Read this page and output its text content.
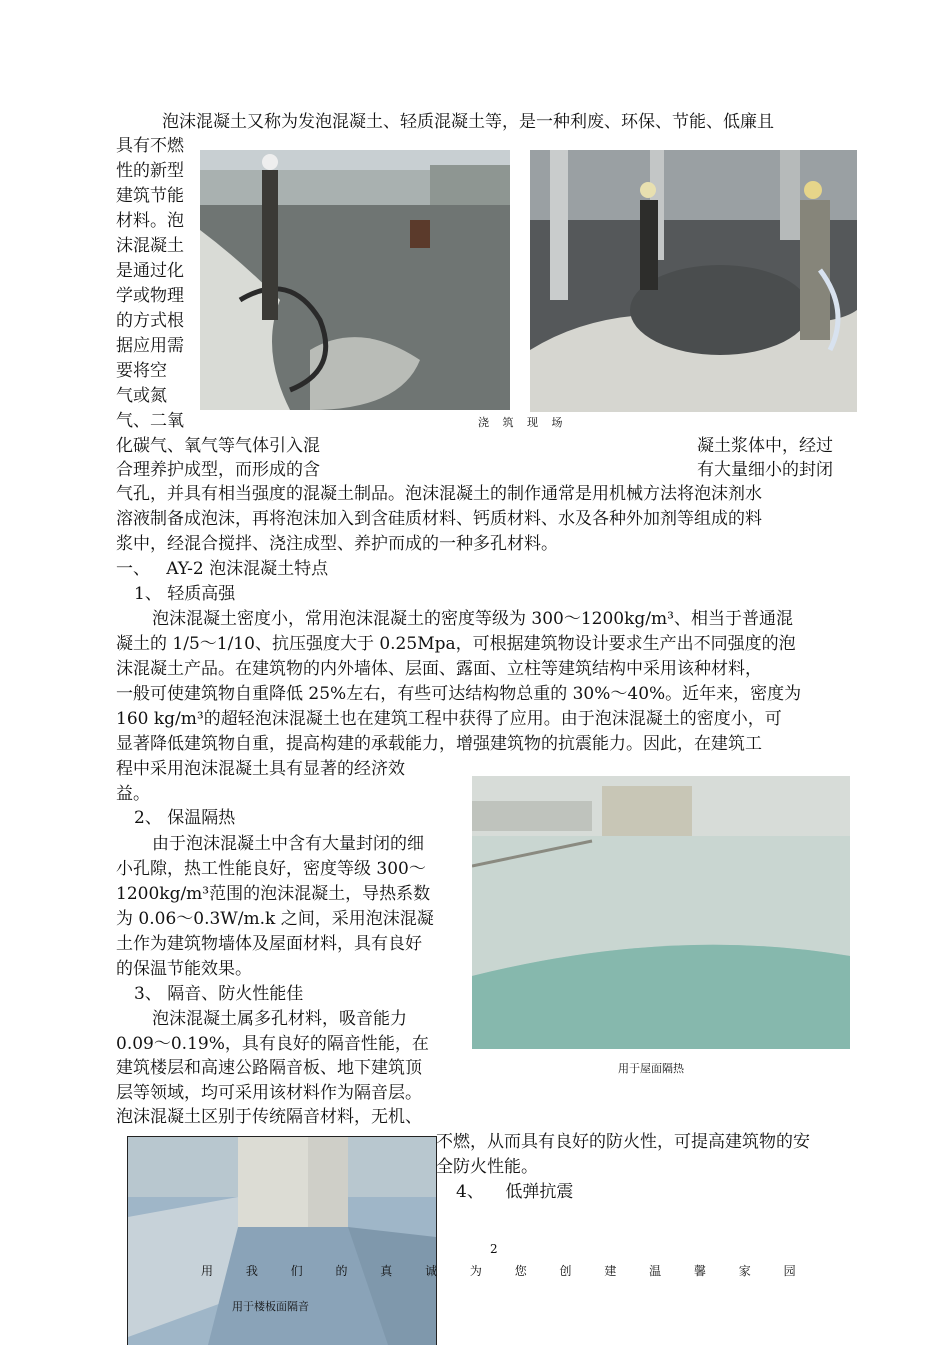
泡沫混凝土又称为发泡混凝土、轻质混凝土等，是一种利废、环保、节能、低廉且
具有不燃
性的新型
建筑节能
材料。泡
沫混凝土
是通过化
学或物理
的方式根
据应用需
要将空
气或氮
气、二氧	浇 筑 现 场
化碳气、氧气等气体引入混	凝土浆体中，经过
合理养护成型，而形成的含	有大量细小的封闭
气孔，并具有相当强度的混凝土制品。泡沫混凝土的制作通常是用机械方法将泡沫剂水
溶液制备成泡沫，再将泡沫加入到含硅质材料、钙质材料、水及各种外加剂等组成的料
浆中，经混合搅拌、浇注成型、养护而成的一种多孔材料。
一、   AY-2 泡沫混凝土特点
1、 轻质高强
泡沫混凝土密度小，常用泡沫混凝土的密度等级为 300～1200kg/m³、相当于普通混
凝土的 1/5～1/10、抗压强度大于 0.25Mpa，可根据建筑物设计要求生产出不同强度的泡
沫混凝土产品。在建筑物的内外墙体、层面、露面、立柱等建筑结构中采用该种材料，
一般可使建筑物自重降低 25%左右，有些可达结构物总重的 30%～40%。近年来，密度为
160 kg/m³的超轻泡沫混凝土也在建筑工程中获得了应用。由于泡沫混凝土的密度小，可
显著降低建筑物自重，提高构建的承载能力，增强建筑物的抗震能力。因此，在建筑工
程中采用泡沫混凝土具有显著的经济效
益。
用于屋面隔热
2、 保温隔热
由于泡沫混凝土中含有大量封闭的细
小孔隙，热工性能良好，密度等级 300～
1200kg/m³范围的泡沫混凝土，导热系数
为 0.06～0.3W/m.k 之间，采用泡沫混凝
土作为建筑物墙体及屋面材料，具有良好
的保温节能效果。
3、 隔音、防火性能佳
泡沫混凝土属多孔材料，吸音能力
0.09～0.19%，具有良好的隔音性能，在
建筑楼层和高速公路隔音板、地下建筑顶
层等领域，均可采用该材料作为隔音层。
泡沫混凝土区别于传统隔音材料，无机、
不燃，从而具有良好的防火性，可提高建筑物的安
全防火性能。
4、    低弹抗震
用于楼板面隔音
2
用 我 们 的 真 诚 为 您 创 建 温 馨 家 园
